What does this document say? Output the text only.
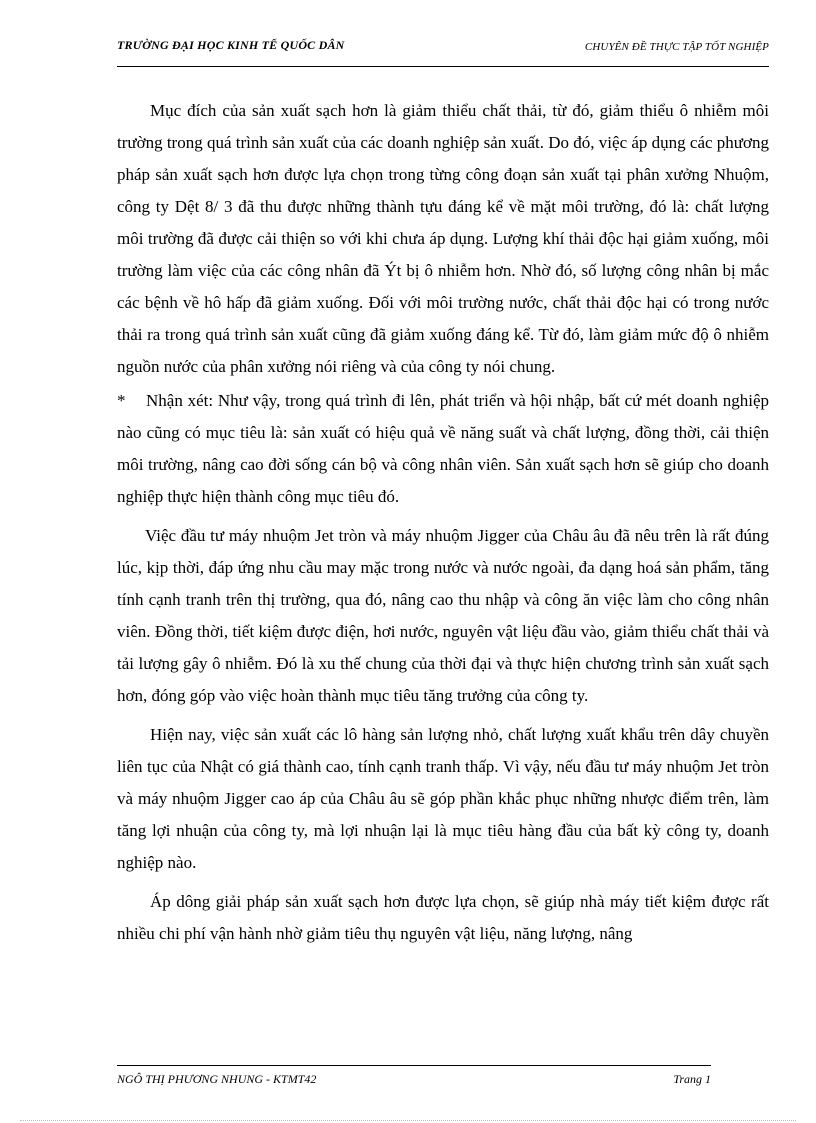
TRƯỜNG ĐẠI HỌC KINH TẾ QUỐC DÂN	CHUYÊN ĐỀ THỰC TẬP TỐT NGHIỆP

Mục đích của sản xuất sạch hơn là giảm thiểu chất thải, từ đó, giảm thiểu ô nhiễm môi trường trong quá trình sản xuất của các doanh nghiệp sản xuất. Do đó, việc áp dụng các phương pháp sản xuất sạch hơn được lựa chọn trong từng công đoạn sản xuất tại phân xưởng Nhuộm, công ty Dệt 8/ 3 đã thu được những thành tựu đáng kể về mặt môi trường, đó là: chất lượng môi trường đã được cải thiện so với khi chưa áp dụng. Lượng khí thải độc hại giảm xuống, môi trường làm việc của các công nhân đã Ýt bị ô nhiễm hơn. Nhờ đó, số lượng công nhân bị mắc các bệnh về hô hấp đã giảm xuống. Đối với môi trường nước, chất thải độc hại có trong nước thải ra trong quá trình sản xuất cũng đã giảm xuống đáng kể. Từ đó, làm giảm mức độ ô nhiễm nguồn nước của phân xưởng nói riêng và của công ty nói chung.

* Nhận xét: Như vậy, trong quá trình đi lên, phát triển và hội nhập, bất cứ mét doanh nghiệp nào cũng có mục tiêu là: sản xuất có hiệu quả về năng suất và chất lượng, đồng thời, cải thiện môi trường, nâng cao đời sống cán bộ và công nhân viên. Sản xuất sạch hơn sẽ giúp cho doanh nghiệp thực hiện thành công mục tiêu đó.

Việc đầu tư máy nhuộm Jet tròn và máy nhuộm Jigger của Châu âu đã nêu trên là rất đúng lúc, kịp thời, đáp ứng nhu cầu may mặc trong nước và nước ngoài, đa dạng hoá sản phẩm, tăng tính cạnh tranh trên thị trường, qua đó, nâng cao thu nhập và công ăn việc làm cho công nhân viên. Đồng thời, tiết kiệm được điện, hơi nước, nguyên vật liệu đầu vào, giảm thiểu chất thải và tải lượng gây ô nhiễm. Đó là xu thế chung của thời đại và thực hiện chương trình sản xuất sạch hơn, đóng góp vào việc hoàn thành mục tiêu tăng trưởng của công ty.

Hiện nay, việc sản xuất các lô hàng sản lượng nhỏ, chất lượng xuất khẩu trên dây chuyền liên tục của Nhật có giá thành cao, tính cạnh tranh thấp. Vì vậy, nếu đầu tư máy nhuộm Jet tròn và máy nhuộm Jigger cao áp của Châu âu sẽ góp phần khắc phục những nhược điểm trên, làm tăng lợi nhuận của công ty, mà lợi nhuận lại là mục tiêu hàng đầu của bất kỳ công ty, doanh nghiệp nào.

Áp dông giải pháp sản xuất sạch hơn được lựa chọn, sẽ giúp nhà máy tiết kiệm được rất nhiều chi phí vận hành nhờ giảm tiêu thụ nguyên vật liệu, năng lượng, nâng

NGÔ THỊ PHƯƠNG NHUNG - KTMT42	Trang 1
